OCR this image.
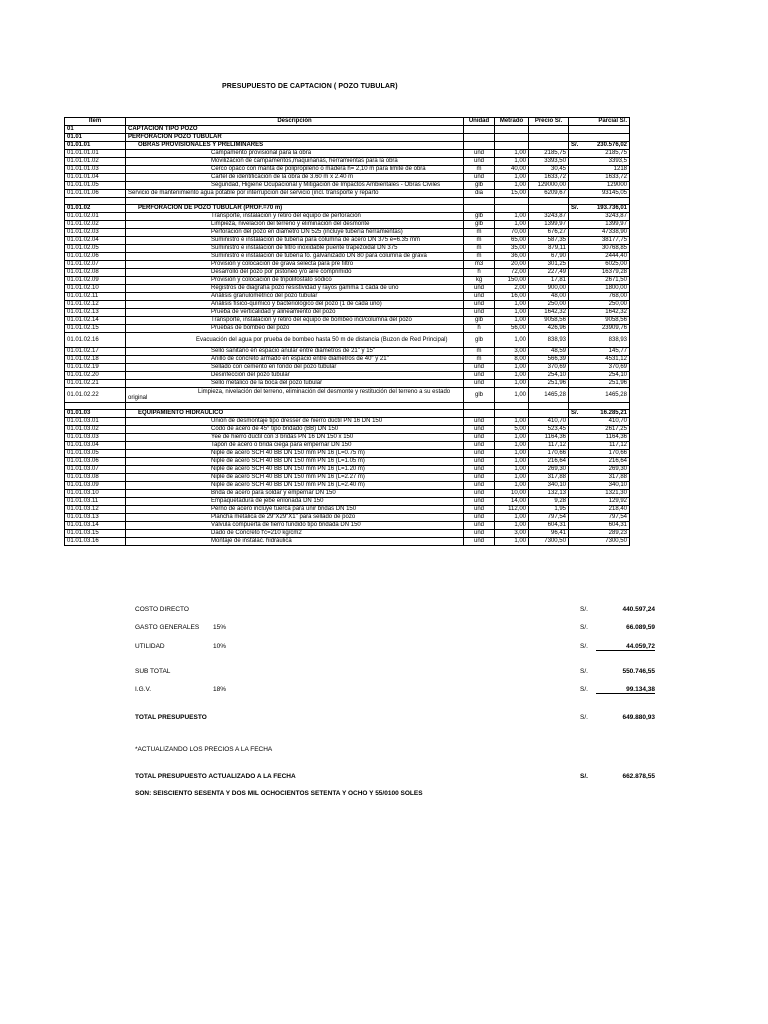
PRESUPUESTO DE CAPTACION ( POZO TUBULAR)
Item	Descripción	Unidad	Metrado	Precio S/.	Parcial S/.	
01	CAPTACION TIPO POZO					
01.01	PERFORACION POZO TUBULAR					
01.01.01	OBRAS PROVISIONALES Y PRELIMINARES				S/.	230.576,02
01.01.01.01	Campamento provisional para la obra	und	1,00	2185,75		2185,75
01.01.01.02	Movilizacion de campamentos,maquinarias, herramientas para la obra	und	1,00	3393,50		3393,5
01.01.01.03	Cerco opaco con manta de polipropileno o madera h= 2,10 m para limite de obra	m	40,00	30,45		1218
01.01.01.04	Cartel de identificación de la obra de 3.60 m x 2.40 m	und	1,00	1633,72		1633,72
01.01.01.05	Seguridad, Higiene Ocupacional y Mitigación de Impactos Ambientales - Obras Civiles	glb	1,00	129000,00		129000
01.01.01.06	Servicio de mantenimiento agua potable por interrupcion del servicio (incl. transporte y reparto	dia	15,00	6209,67		93145,05

01.01.02	PERFORACION DE POZO TUBULAR (PROF.=70 m)				S/.	193.736,01
01.01.02.01	Transporte, instalación y retiro del equipo de perforación	glb	1,00	3243,87		3243,87
01.01.02.02	Limpieza, nivelación del terreno y eliminación del desmonte	glb	1,00	1399,97		1399,97
01.01.02.03	Perforación del pozo en diámetro DN 525 (incluye tubería herramientas)	m	70,00	676,27		47338,90
01.01.02.04	Suministro e instalación de tubería para columna de acero DN 375 e=6.35 mm	m	65,00	587,35		38177,75
01.01.02.05	Suministro e instalación de filtro inoxidable puente trapezoidal DN 375	m	35,00	879,11		30768,85
01.01.02.06	Suministro e instalación de tubería fo. galvanizado DN 80 para columna de grava	m	36,00	67,90		2444,40
01.01.02.07	Provisión y colocación de grava selecta para pre filtro	m3	20,00	301,25		6025,00
01.01.02.08	Desarrollo del pozo por pistoneo y/o aire comprimido	h	72,00	227,49		16379,28
01.01.02.09	Provisión y colocación de tripolifosfato sódico	kg	150,00	17,81		2671,50
01.01.02.10	Registros de diagrafía pozo resistividad y rayos gamma 1 cada de uno	und	2,00	900,00		1800,00
01.01.02.11	Análisis granulométrico del pozo tubular	und	16,00	48,00		768,00
01.01.02.12	Análisis físico-químico y bacteriológico del pozo (1 de cada uno)	und	1,00	250,00		250,00
01.01.02.13	Prueba de verticalidad y alineamiento del pozo	und	1,00	1642,32		1642,32
01.01.02.14	Transporte, instalación y retiro del equipo de bombeo incl/columna del pozo	glb	1,00	9058,56		9058,56
01.01.02.15	Pruebas de bombeo del pozo	h	56,00	426,96		23909,76
01.01.02.16	Evacuación del agua por prueba de bombeo hasta 50 m de distancia (Buzon de Red Principal)	glb	1,00	838,93		838,93
01.01.02.17	Sello sanitario en espacio anular entre diámetros de 21" y 15"	m	3,00	48,59		145,77
01.01.02.18	Anillo de concreto armado en espacio entre diámetros de 40" y 21"	m	8,00	566,39		4531,12
01.01.02.19	Sellado con cemento en fondo del pozo tubular	und	1,00	370,69		370,69
01.01.02.20	Desinfección del pozo tubular	und	1,00	254,10		254,10
01.01.02.21	Sello metálico de la boca del pozo tubular	und	1,00	251,96		251,96
01.01.02.22	Limpieza, nivelación del terreno, eliminación del desmonte y restitución del terreno a su estado
original	glb	1,00	1465,28		1465,28

01.01.03	EQUIPAMIENTO HIDRAULICO				S/.	16.285,21
01.01.03.01	Unión de desmontaje tipo dresser de hierro dúctil PN 16 DN 150	und	1,00	410,70		410,70
01.01.03.02	Codo de acero de 45° tipo bridado (BB) DN 150	und	5,00	523,45		2617,25
01.01.03.03	Yee de hierro dúctil con 3 bridas PN 16 DN 150 x 150	und	1,00	1164,36		1164,36
01.01.03.04	Tapón de acero o brida ciega para empernar DN 150	und	1,00	117,12		117,12
01.01.03.05	Niple de acero SCH 40 BB DN 150 mm PN 16 (L=0.75 m)	und	1,00	170,66		170,66
01.01.03.06	Niple de acero SCH 40 BB DN 150 mm PN 16 (L=1.05 m)	und	1,00	216,64		216,64
01.01.03.07	Niple de acero SCH 40 BB DN 150 mm PN 16 (L=1.20 m)	und	1,00	269,30		269,30
01.01.03.08	Niple de acero SCH 40 BB DN 150 mm PN 16 (L=2.27 m)	und	1,00	317,88		317,88
01.01.03.09	Niple de acero SCH 40 BB DN 150 mm PN 16 (L=2.40 m)	und	1,00	340,10		340,10
01.01.03.10	Brida de acero para soldar y empernar DN 150	und	10,00	132,13		1321,30
01.01.03.11	Empaquetadura de jebe enlonada DN 150	und	14,00	9,28		129,92
01.01.03.12	Perno de acero incluye tuerca para unir bridas DN 150	und	112,00	1,95		218,40
01.01.03.13	Plancha metálica de 29"X29"X1" para sellado de pozo	und	1,00	797,54		797,54
01.01.03.14	Válvula compuerta de fierro fundido tipo bridada DN 150	und	1,00	604,31		604,31
01.01.03.15	Dado de Concreto f'c=210 kg/cm2	und	3,00	96,41		289,23
01.01.03.16	Montaje de instalac. hidráulica	und	1,00	7300,50		7300,50
COSTO DIRECTO	S/.	440.597,24
GASTO GENERALES 15%	S/.	66.089,59
UTILIDAD	10%	S/.	44.059,72
SUB TOTAL	S/.	550.746,55
I.G.V.	18%	S/.	99.134,38
TOTAL PRESUPUESTO	S/.	649.880,93
*ACTUALIZANDO LOS PRECIOS A LA FECHA
TOTAL PRESUPUESTO ACTUALIZADO A LA FECHA	S/.	662.878,55
SON: SEISCIENTO SESENTA Y DOS MIL OCHOCIENTOS SETENTA Y OCHO Y 55/0100 SOLES
